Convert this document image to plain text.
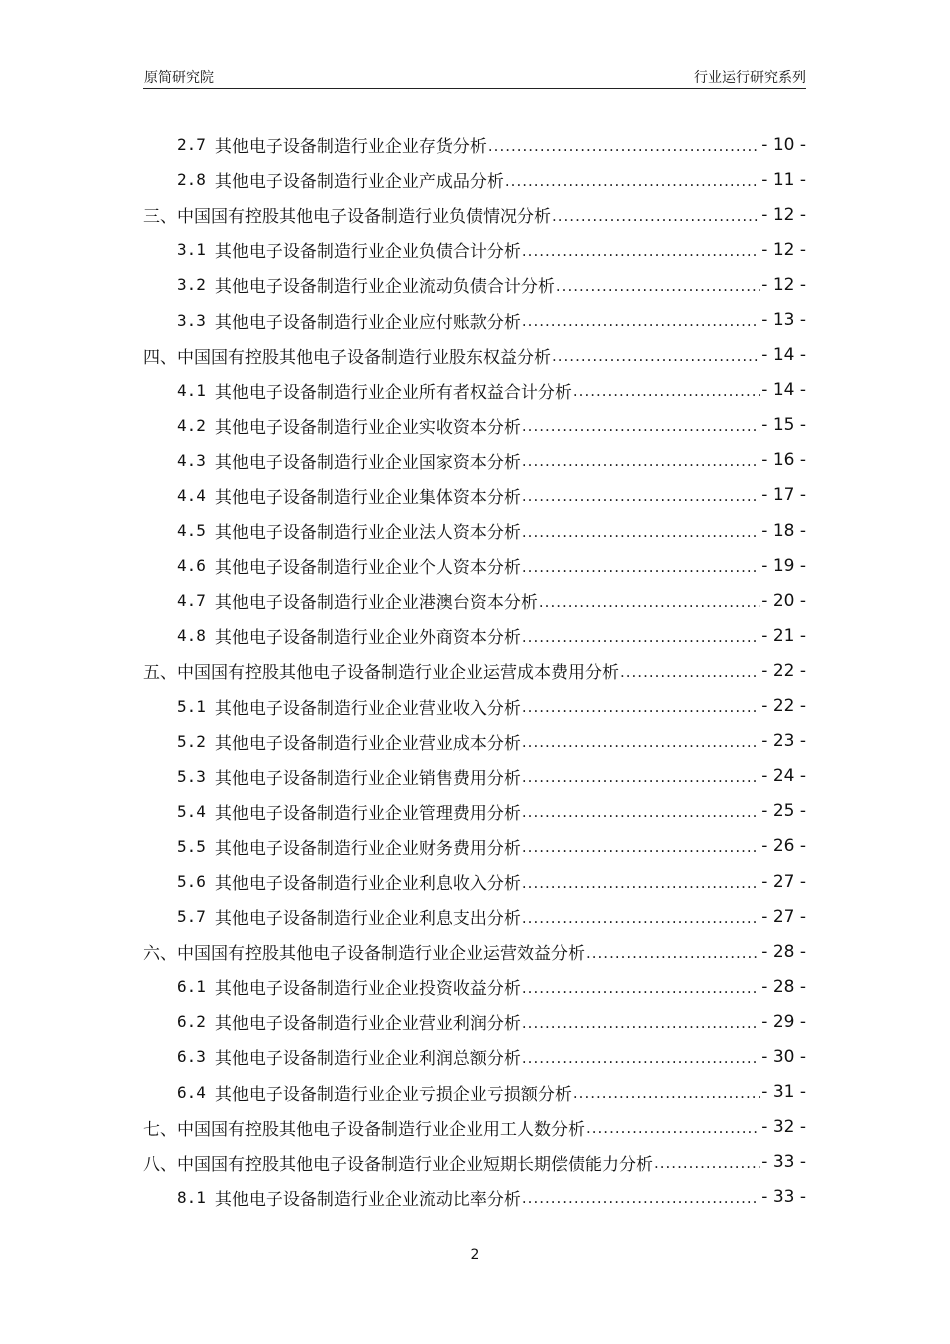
原简研究院	行业运行研究系列
2.7 其他电子设备制造行业企业存货分析 .....	- 10 -
2.8 其他电子设备制造行业企业产成品分析 .....	- 11 -
三、中国国有控股其他电子设备制造行业负债情况分析 .....	- 12 -
3.1 其他电子设备制造行业企业负债合计分析 .....	- 12 -
3.2 其他电子设备制造行业企业流动负债合计分析 .....	- 12 -
3.3 其他电子设备制造行业企业应付账款分析 .....	- 13 -
四、中国国有控股其他电子设备制造行业股东权益分析 .....	- 14 -
4.1 其他电子设备制造行业企业所有者权益合计分析 .....	- 14 -
4.2 其他电子设备制造行业企业实收资本分析 .....	- 15 -
4.3 其他电子设备制造行业企业国家资本分析 .....	- 16 -
4.4 其他电子设备制造行业企业集体资本分析 .....	- 17 -
4.5 其他电子设备制造行业企业法人资本分析 .....	- 18 -
4.6 其他电子设备制造行业企业个人资本分析 .....	- 19 -
4.7 其他电子设备制造行业企业港澳台资本分析 .....	- 20 -
4.8 其他电子设备制造行业企业外商资本分析 .....	- 21 -
五、中国国有控股其他电子设备制造行业企业运营成本费用分析 .....	- 22 -
5.1 其他电子设备制造行业企业营业收入分析 .....	- 22 -
5.2 其他电子设备制造行业企业营业成本分析 .....	- 23 -
5.3 其他电子设备制造行业企业销售费用分析 .....	- 24 -
5.4 其他电子设备制造行业企业管理费用分析 .....	- 25 -
5.5 其他电子设备制造行业企业财务费用分析 .....	- 26 -
5.6 其他电子设备制造行业企业利息收入分析 .....	- 27 -
5.7 其他电子设备制造行业企业利息支出分析 .....	- 27 -
六、中国国有控股其他电子设备制造行业企业运营效益分析 .....	- 28 -
6.1 其他电子设备制造行业企业投资收益分析 .....	- 28 -
6.2 其他电子设备制造行业企业营业利润分析 .....	- 29 -
6.3 其他电子设备制造行业企业利润总额分析 .....	- 30 -
6.4 其他电子设备制造行业企业亏损企业亏损额分析 .....	- 31 -
七、中国国有控股其他电子设备制造行业企业用工人数分析 .....	- 32 -
八、中国国有控股其他电子设备制造行业企业短期长期偿债能力分析 .....	- 33 -
8.1 其他电子设备制造行业企业流动比率分析 .....	- 33 -
2
